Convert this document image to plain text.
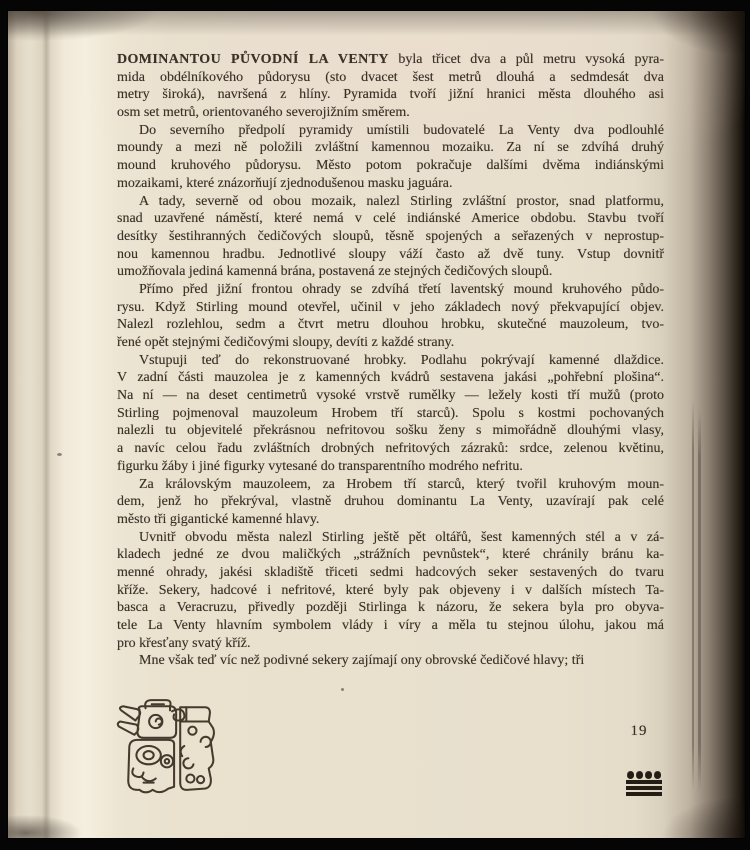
DOMINANTOU PŮVODNÍ LA VENTY byla třicet dva a půl metru vysoká pyra-
mida obdélníkového půdorysu (sto dvacet šest metrů dlouhá a sedmdesát dva
metry široká), navršená z hlíny. Pyramida tvoří jižní hranici města dlouhého asi
osm set metrů, orientovaného severojižním směrem.
Do severního předpolí pyramidy umístili budovatelé La Venty dva podlouhlé
moundy a mezi ně položili zvláštní kamennou mozaiku. Za ní se zdvíhá druhý
mound kruhového půdorysu. Město potom pokračuje dalšími dvěma indiánskými
mozaikami, které znázorňují zjednodušenou masku jaguára.
A tady, severně od obou mozaik, nalezl Stirling zvláštní prostor, snad platformu,
snad uzavřené náměstí, které nemá v celé indiánské Americe obdobu. Stavbu tvoří
desítky šestihranných čedičových sloupů, těsně spojených a seřazených v neprostup-
nou kamennou hradbu. Jednotlivé sloupy váží často až dvě tuny. Vstup dovnitř
umožňovala jediná kamenná brána, postavená ze stejných čedičových sloupů.
Přímo před jižní frontou ohrady se zdvíhá třetí laventský mound kruhového půdo-
rysu. Když Stirling mound otevřel, učinil v jeho základech nový překvapující objev.
Nalezl rozlehlou, sedm a čtvrt metru dlouhou hrobku, skutečné mauzoleum, tvo-
řené opět stejnými čedičovými sloupy, devíti z každé strany.
Vstupuji teď do rekonstruované hrobky. Podlahu pokrývají kamenné dlaždice.
V zadní části mauzolea je z kamenných kvádrů sestavena jakási „pohřební plošina“.
Na ní — na deset centimetrů vysoké vrstvě rumělky — ležely kosti tří mužů (proto
Stirling pojmenoval mauzoleum Hrobem tří starců). Spolu s kostmi pochovaných
nalezli tu objevitelé překrásnou nefritovou sošku ženy s mimořádně dlouhými vlasy,
a navíc celou řadu zvláštních drobných nefritových zázraků: srdce, zelenou květinu,
figurku žáby i jiné figurky vytesané do transparentního modrého nefritu.
Za královským mauzoleem, za Hrobem tří starců, který tvořil kruhovým moun-
dem, jenž ho překrýval, vlastně druhou dominantu La Venty, uzavírají pak celé
město tři gigantické kamenné hlavy.
Uvnitř obvodu města nalezl Stirling ještě pět oltářů, šest kamenných stél a v zá-
kladech jedné ze dvou maličkých „strážních pevnůstek“, které chránily bránu ka-
menné ohrady, jakési skladiště třiceti sedmi hadcových seker sestavených do tvaru
kříže. Sekery, hadcové i nefritové, které byly pak objeveny i v dalších místech Ta-
basca a Veracruzu, přivedly později Stirlinga k názoru, že sekera byla pro obyva-
tele La Venty hlavním symbolem vlády i víry a měla tu stejnou úlohu, jakou má
pro křesťany svatý kříž.
Mne však teď víc než podivné sekery zajímají ony obrovské čedičové hlavy; tři
19
